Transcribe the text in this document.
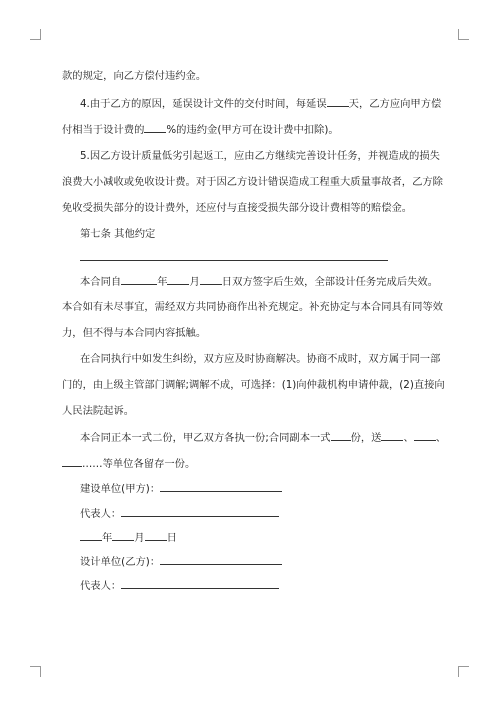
款的规定，向乙方偿付违约金。
4.由于乙方的原因，延误设计文件的交付时间，每延误 天，乙方应向甲方偿
付相当于设计费的 %的违约金(甲方可在设计费中扣除)。
5.因乙方设计质量低劣引起返工，应由乙方继续完善设计任务，并视造成的损失
浪费大小减收或免收设计费。对于因乙方设计错误造成工程重大质量事故者，乙方除
免收受损失部分的设计费外，还应付与直接受损失部分设计费相等的赔偿金。
第七条 其他约定
本合同自	年 月 日双方签字后生效，全部设计任务完成后失效。
本合如有未尽事宜，需经双方共同协商作出补充规定。补充协定与本合同具有同等效
力，但不得与本合同内容抵触。
在合同执行中如发生纠纷，双方应及时协商解决。协商不成时，双方属于同一部
门的，由上级主管部门调解;调解不成，可选择：(1)向仲裁机构申请仲裁，(2)直接向
人民法院起诉。
本合同正本一式二份，甲乙双方各执一份;合同副本一式 份，送 、 、
……等单位各留存一份。
建设单位(甲方)：
代表人：
年 月 日
设计单位(乙方)：
代表人：
